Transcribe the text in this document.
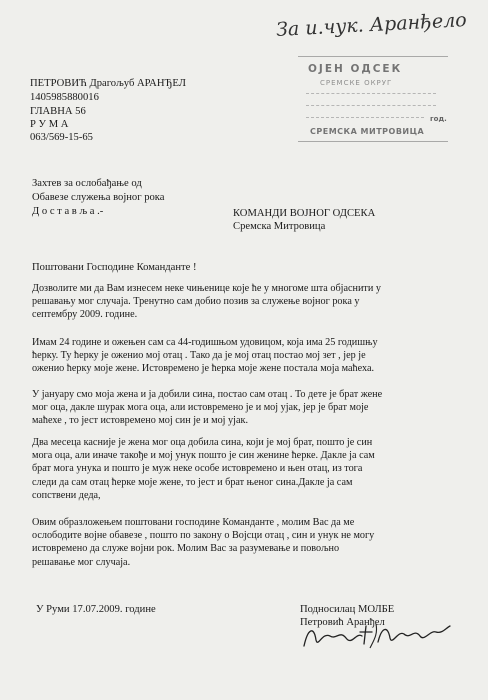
За и.чук. Аранђело
ОЈЕН ОДСЕК
СРЕМСКЕ ОКРУГ
год.
СРЕМСКА МИТРОВИЦА
ПЕТРОВИЋ Драгољуб АРАНЂЕЛ
1405985880016
ГЛАВНА 56
Р У М А
063/569-15-65
Захтев за ослобађање од
Обавезе служења војног рока
Д о с т а в љ а .-	КОМАНДИ ВОЈНОГ ОДСЕКА
Сремска Митровица
Поштовани Господине Команданте !
Дозволите ми да Вам изнесем неке чињенице које ће у многоме шта објаснити у
решавању мог случаја. Тренутно сам добио позив за служење војног рока у
септембру 2009. године.
Имам 24 године и ожењен сам са 44-годишњом удовицом, која има 25 годишњу
ћерку. Ту ћерку је оженио мој отац . Тако да је мој отац постао мој зет , јер је
оженио ћерку моје жене. Истовремено је ћерка моје жене постала моја маћеха.
У јануару смо моја жена и ја добили сина, постао сам отац . То дете је брат жене
мог оца, дакле шурак мога оца, али истовремено је и мој ујак, јер је брат моје
маћехе , то јест истовремено мој син је и мој ујак.
Два месеца касније је жена мог оца добила сина, који је мој брат, пошто је син
мога оца, али иначе такође и мој унук пошто је син женине ћерке. Дакле ја сам
брат мога унука и пошто је муж неке особе истовремено и њен отац, из тога
следи да сам отац ћерке моје жене, то јест и брат њеног сина.Дакле ја сам
сопствени деда,
Овим образложењем поштовани господине Команданте , молим Вас да ме
ослободите војне обавезе , пошто по закону о Војсци отац , син и унук не могу
истовремено да служе војни рок. Молим Вас за разумевање и повољно
решавање мог случаја.
У Руми 17.07.2009. године	Подносилац МОЛБЕ
Петровић Аранђел
